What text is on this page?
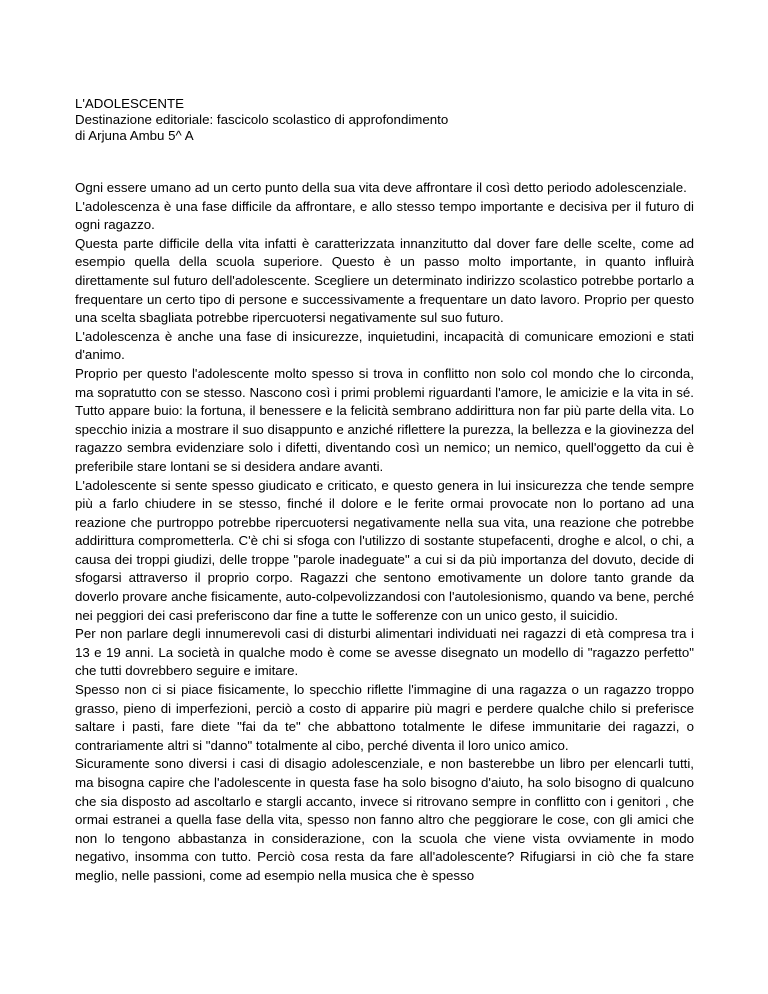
L'ADOLESCENTE
Destinazione editoriale: fascicolo scolastico di approfondimento
di Arjuna Ambu 5^ A

Ogni essere umano ad un certo punto della sua vita deve affrontare il così detto periodo adolescenziale.

L'adolescenza è una fase difficile da affrontare, e allo stesso tempo importante e decisiva per il futuro di ogni ragazzo.

Questa parte difficile della vita infatti è caratterizzata innanzitutto dal dover fare delle scelte, come ad esempio quella della scuola superiore. Questo è un passo molto importante, in quanto influirà direttamente sul futuro dell'adolescente. Scegliere un determinato indirizzo scolastico potrebbe portarlo a frequentare un certo tipo di persone e successivamente a frequentare un dato lavoro. Proprio per questo una scelta sbagliata potrebbe ripercuotersi negativamente sul suo futuro.

L'adolescenza è anche una fase di insicurezze, inquietudini, incapacità di comunicare emozioni e stati d'animo.

Proprio per questo l'adolescente molto spesso si trova in conflitto non solo col mondo che lo circonda, ma sopratutto con se stesso. Nascono così i primi problemi riguardanti l'amore, le amicizie e la vita in sé. Tutto appare buio: la fortuna, il benessere e la felicità sembrano addirittura non far più parte della vita. Lo specchio inizia a mostrare il suo disappunto e anziché riflettere la purezza, la bellezza e la giovinezza del ragazzo sembra evidenziare solo i difetti, diventando così un nemico; un nemico, quell'oggetto da cui è preferibile stare lontani se si desidera andare avanti.

L'adolescente si sente spesso giudicato e criticato, e questo genera in lui insicurezza che tende sempre più a farlo chiudere in se stesso, finché il dolore e le ferite ormai provocate non lo portano ad una reazione che purtroppo potrebbe ripercuotersi negativamente nella sua vita, una reazione che potrebbe addirittura comprometterla. C'è chi si sfoga con l'utilizzo di sostante stupefacenti, droghe e alcol, o chi, a causa dei troppi giudizi, delle troppe "parole inadeguate" a cui si da più importanza del dovuto, decide di sfogarsi attraverso il proprio corpo. Ragazzi che sentono emotivamente un dolore tanto grande da doverlo provare anche fisicamente, auto-colpevolizzandosi con l'autolesionismo, quando va bene, perché nei peggiori dei casi preferiscono dar fine a tutte le sofferenze con un unico gesto, il suicidio.

Per non parlare degli innumerevoli casi di disturbi alimentari individuati nei ragazzi di età compresa tra i 13 e 19 anni. La società in qualche modo è come se avesse disegnato un modello di "ragazzo perfetto" che tutti dovrebbero seguire e imitare.

Spesso non ci si piace fisicamente, lo specchio riflette l'immagine di una ragazza o un ragazzo troppo grasso, pieno di imperfezioni, perciò a costo di apparire più magri e perdere qualche chilo si preferisce saltare i pasti, fare diete "fai da te" che abbattono totalmente le difese immunitarie dei ragazzi, o contrariamente altri si "danno" totalmente al cibo, perché diventa il loro unico amico.

Sicuramente sono diversi i casi di disagio adolescenziale, e non basterebbe un libro per elencarli tutti, ma bisogna capire che l'adolescente in questa fase ha solo bisogno d'aiuto, ha solo bisogno di qualcuno che sia disposto ad ascoltarlo e stargli accanto, invece si ritrovano sempre in conflitto con i genitori , che ormai estranei a quella fase della vita, spesso non fanno altro che peggiorare le cose, con gli amici che non lo tengono abbastanza in considerazione, con la scuola che viene vista ovviamente in modo negativo, insomma con tutto. Perciò cosa resta da fare all'adolescente? Rifugiarsi in ciò che fa stare meglio, nelle passioni, come ad esempio nella musica che è spesso
